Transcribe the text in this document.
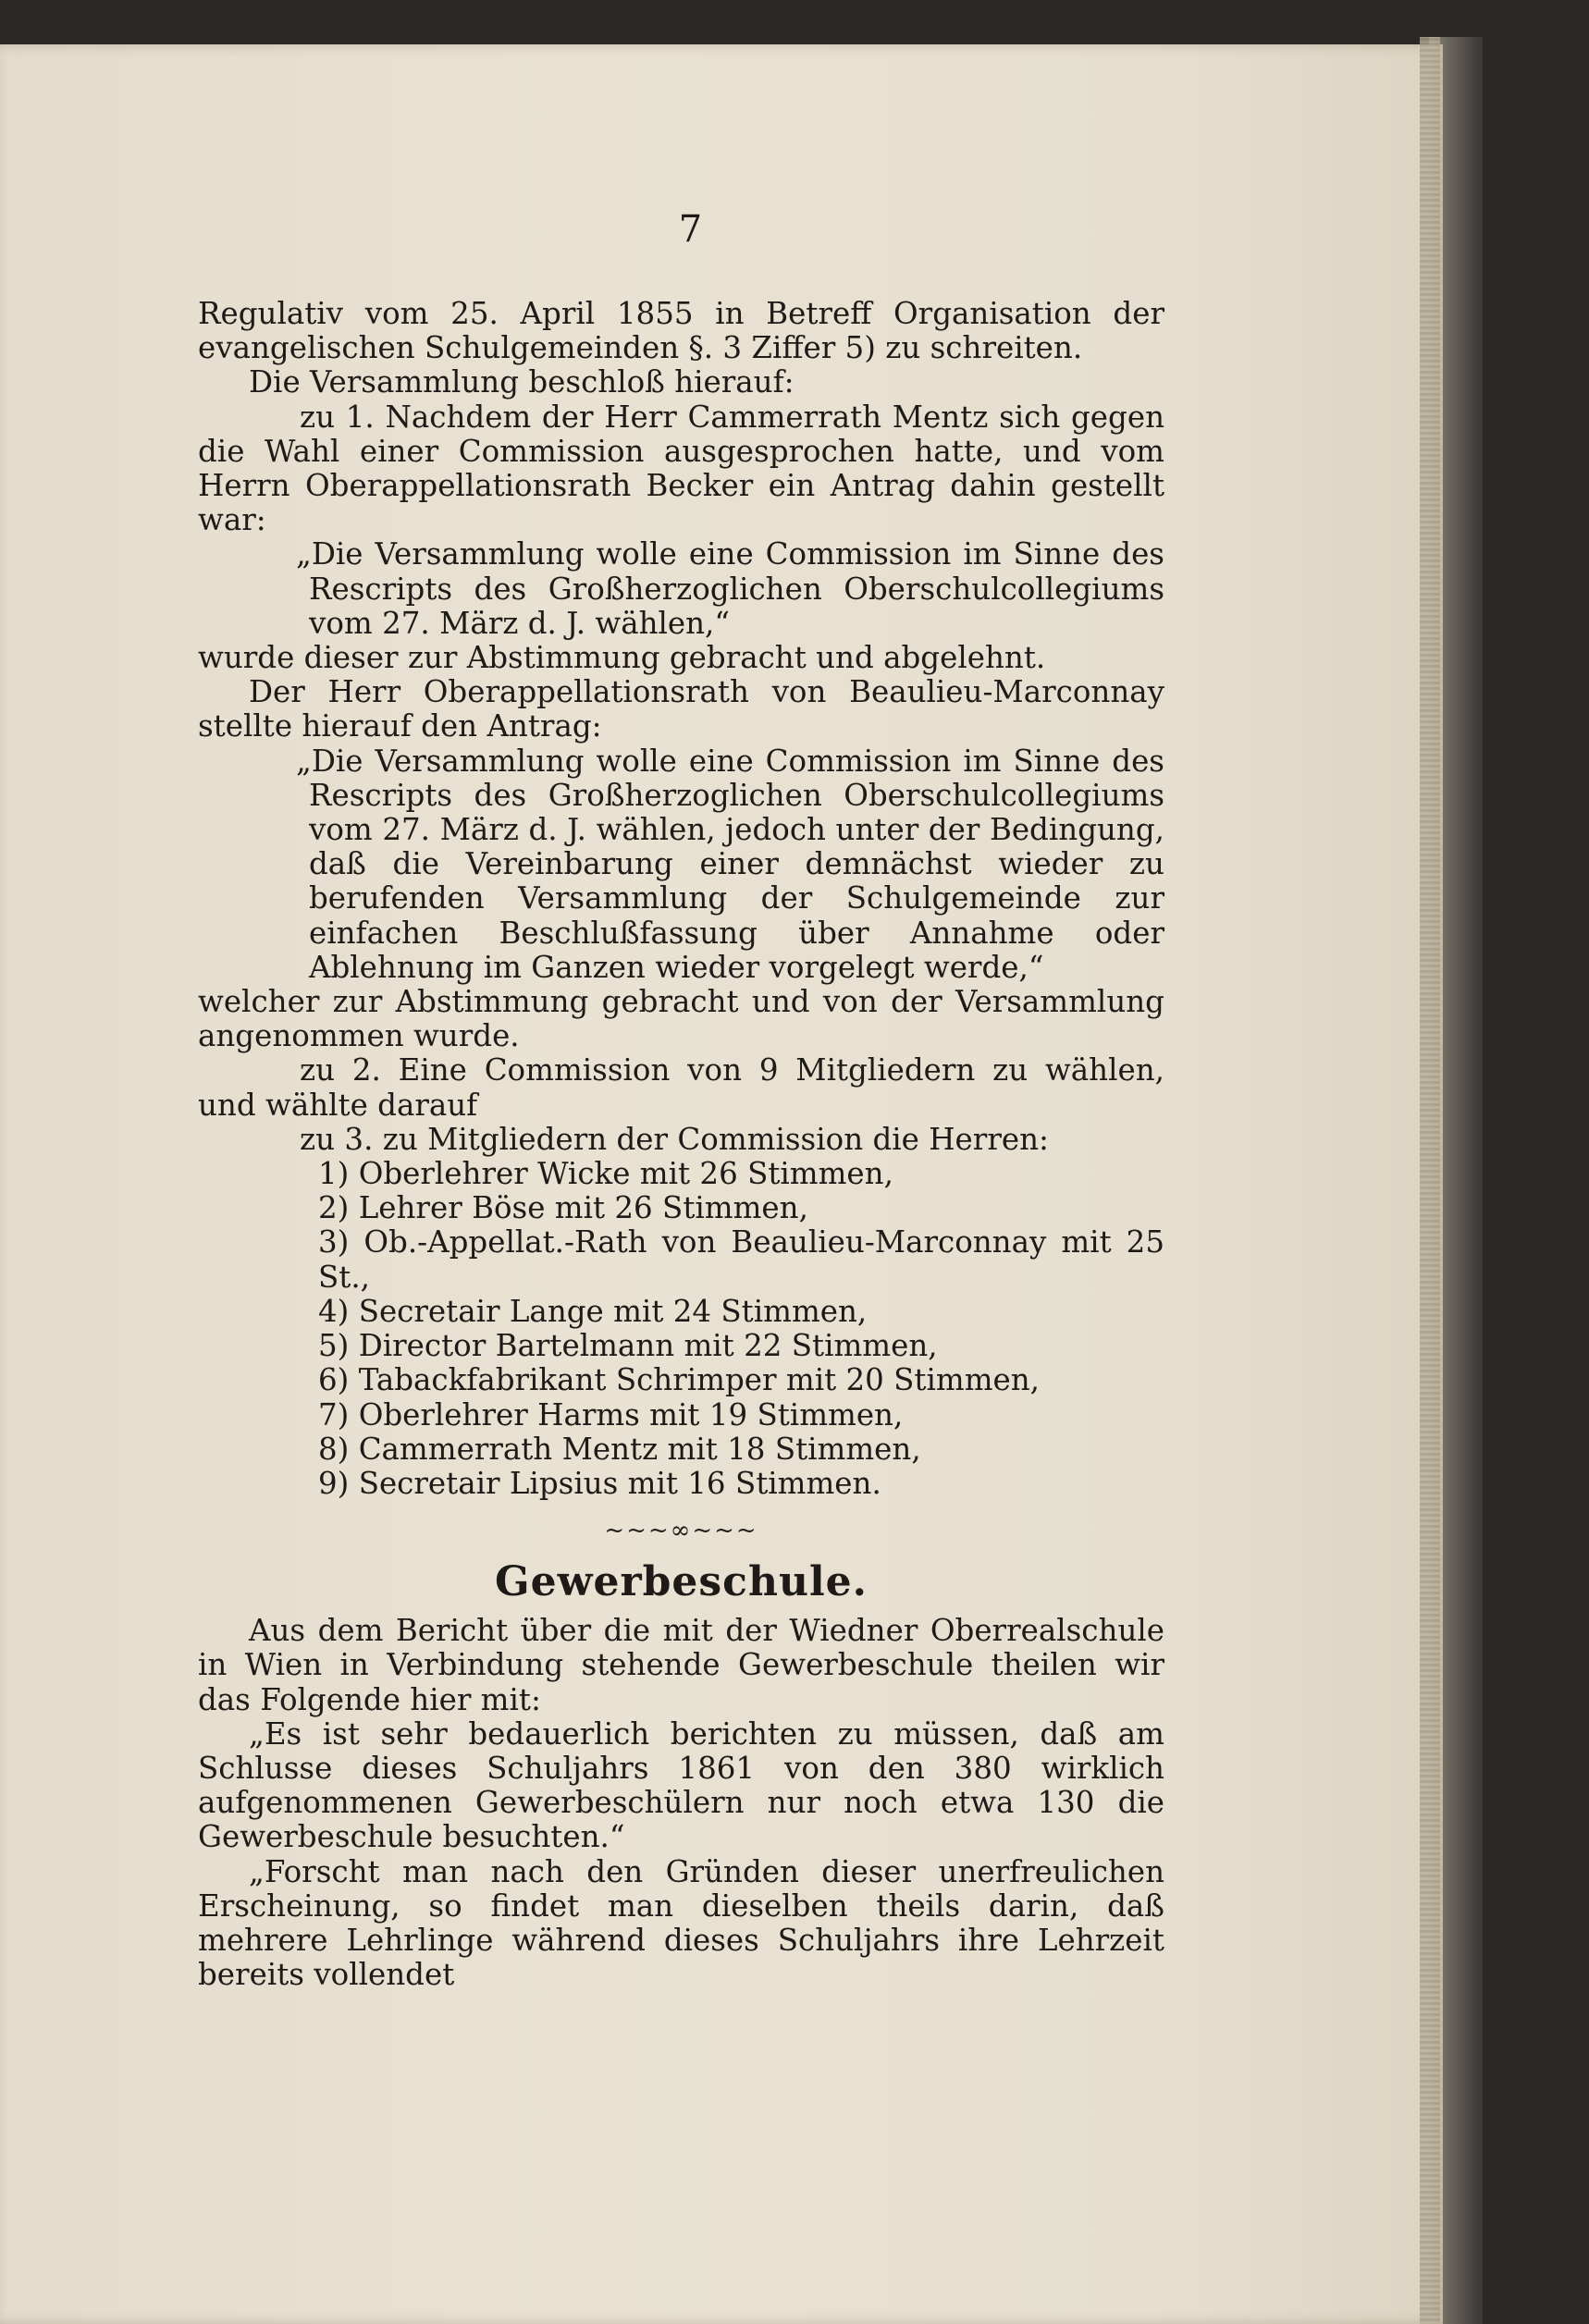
7

Regulativ vom 25. April 1855 in Betreff Organisation der evangelischen Schulgemeinden §. 3 Ziffer 5) zu schreiten.

Die Versammlung beschloß hierauf:

zu 1. Nachdem der Herr Cammerrath Mentz sich gegen die Wahl einer Commission ausgesprochen hatte, und vom Herrn Oberappellationsrath Becker ein Antrag dahin gestellt war:

„Die Versammlung wolle eine Commission im Sinne des Rescripts des Großherzoglichen Oberschulcollegiums vom 27. März d. J. wählen,“

wurde dieser zur Abstimmung gebracht und abgelehnt.

Der Herr Oberappellationsrath von Beaulieu-Marconnay stellte hierauf den Antrag:

„Die Versammlung wolle eine Commission im Sinne des Rescripts des Großherzoglichen Oberschulcollegiums vom 27. März d. J. wählen, jedoch unter der Bedingung, daß die Vereinbarung einer demnächst wieder zu berufenden Versammlung der Schulgemeinde zur einfachen Beschlußfassung über Annahme oder Ablehnung im Ganzen wieder vorgelegt werde,“

welcher zur Abstimmung gebracht und von der Versammlung angenommen wurde.

zu 2. Eine Commission von 9 Mitgliedern zu wählen, und wählte darauf

zu 3. zu Mitgliedern der Commission die Herren:

1) Oberlehrer Wicke mit 26 Stimmen,
2) Lehrer Böse mit 26 Stimmen,
3) Ob.-Appellat.-Rath von Beaulieu-Marconnay mit 25 St.,
4) Secretair Lange mit 24 Stimmen,
5) Director Bartelmann mit 22 Stimmen,
6) Tabackfabrikant Schrimper mit 20 Stimmen,
7) Oberlehrer Harms mit 19 Stimmen,
8) Cammerrath Mentz mit 18 Stimmen,
9) Secretair Lipsius mit 16 Stimmen.
~~~∞~~~
Gewerbeschule.

Aus dem Bericht über die mit der Wiedner Oberrealschule in Wien in Verbindung stehende Gewerbeschule theilen wir das Folgende hier mit:

„Es ist sehr bedauerlich berichten zu müssen, daß am Schlusse dieses Schuljahrs 1861 von den 380 wirklich aufgenommenen Gewerbeschülern nur noch etwa 130 die Gewerbeschule besuchten.“

„Forscht man nach den Gründen dieser unerfreulichen Erscheinung, so findet man dieselben theils darin, daß mehrere Lehrlinge während dieses Schuljahrs ihre Lehrzeit bereits vollendet
